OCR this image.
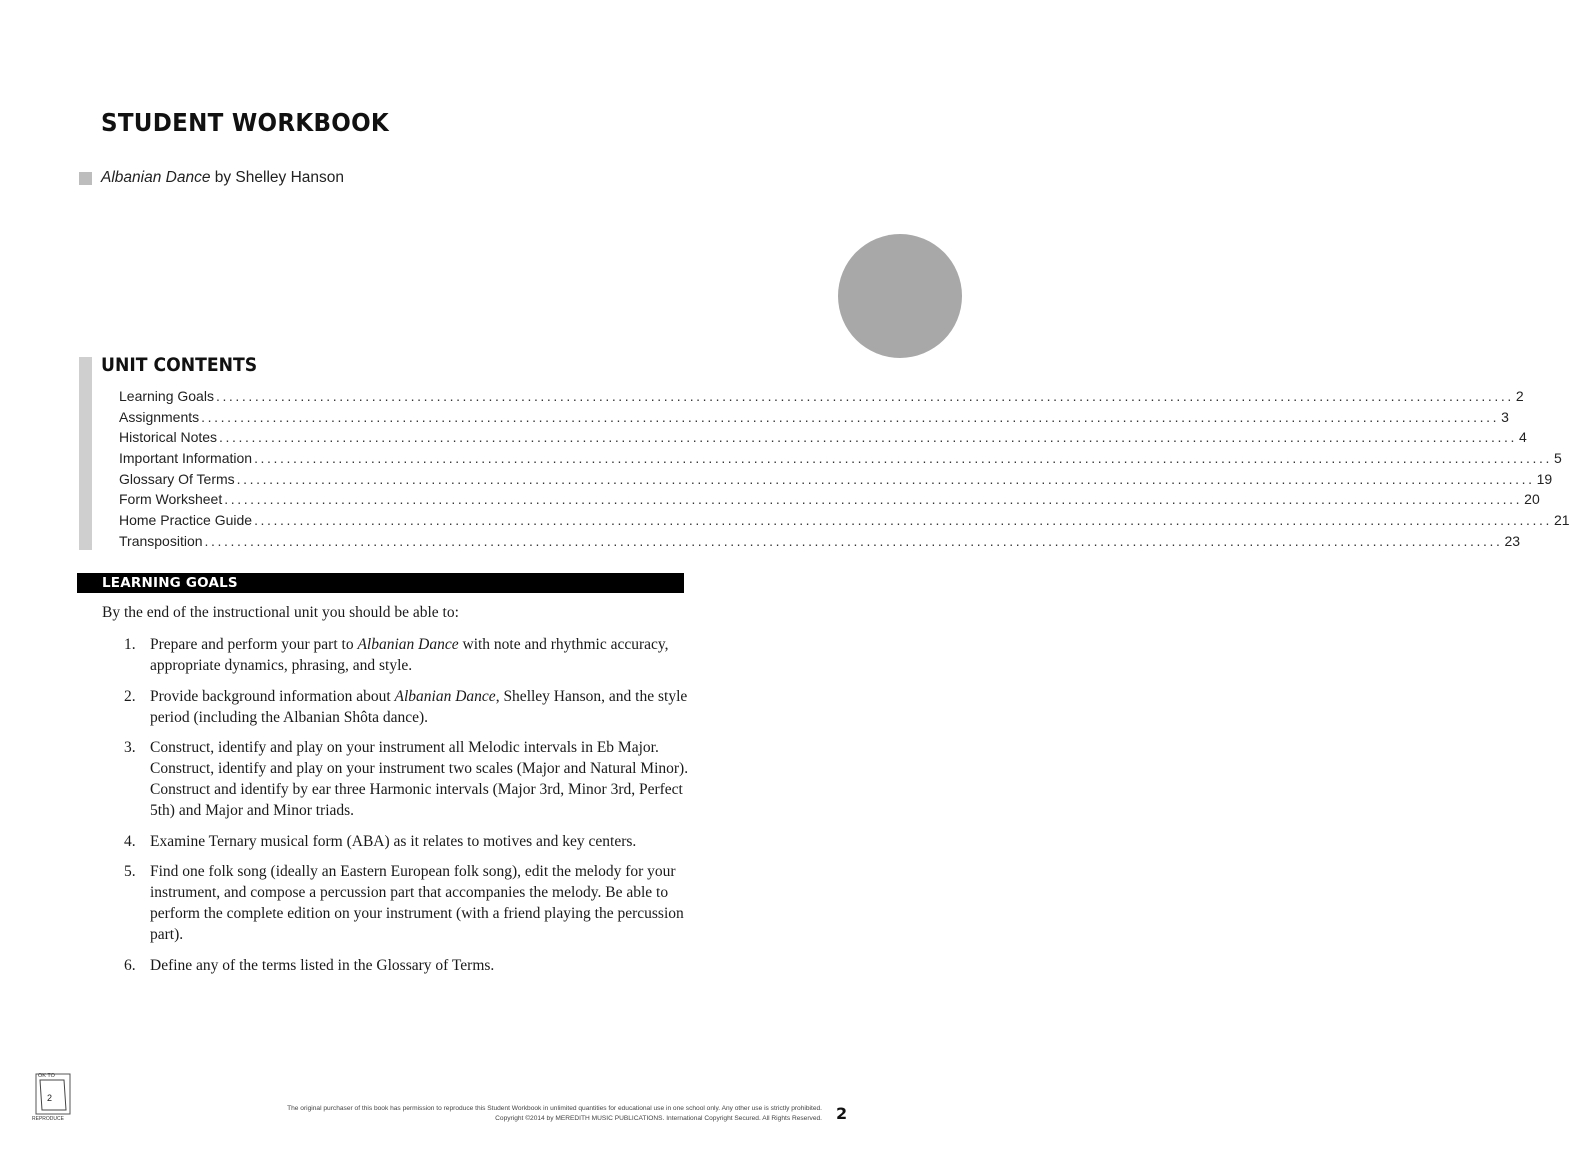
STUDENT WORKBOOK
Albanian Dance by Shelley Hanson
UNIT CONTENTS
Learning Goals ........................................................................................................................................................................................................ 2
Assignments ........................................................................................................................................................................................................ 3
Historical Notes ........................................................................................................................................................................................................ 4
Important Information ........................................................................................................................................................................................................ 5
Glossary Of Terms ........................................................................................................................................................................................................ 19
Form Worksheet ........................................................................................................................................................................................................ 20
Home Practice Guide ........................................................................................................................................................................................................ 21
Transposition ........................................................................................................................................................................................................ 23
LEARNING GOALS
By the end of the instructional unit you should be able to:
1. Prepare and perform your part to Albanian Dance with note and rhythmic accuracy, appropriate dynamics, phrasing, and style.
2. Provide background information about Albanian Dance, Shelley Hanson, and the style period (including the Albanian Shôta dance).
3. Construct, identify and play on your instrument all Melodic intervals in Eb Major. Construct, identify and play on your instrument two scales (Major and Natural Minor). Construct and identify by ear three Harmonic intervals (Major 3rd, Minor 3rd, Perfect 5th) and Major and Minor triads.
4. Examine Ternary musical form (ABA) as it relates to motives and key centers.
5. Find one folk song (ideally an Eastern European folk song), edit the melody for your instrument, and compose a percussion part that accompanies the melody. Be able to perform the complete edition on your instrument (with a friend playing the percussion part).
6. Define any of the terms listed in the Glossary of Terms.
OK TO
2
REPRODUCE
The original purchaser of this book has permission to reproduce this Student Workbook in unlimited quantities for educational use in one school only. Any other use is strictly prohibited.
Copyright ©2014 by MEREDITH MUSIC PUBLICATIONS. International Copyright Secured. All Rights Reserved. 2
